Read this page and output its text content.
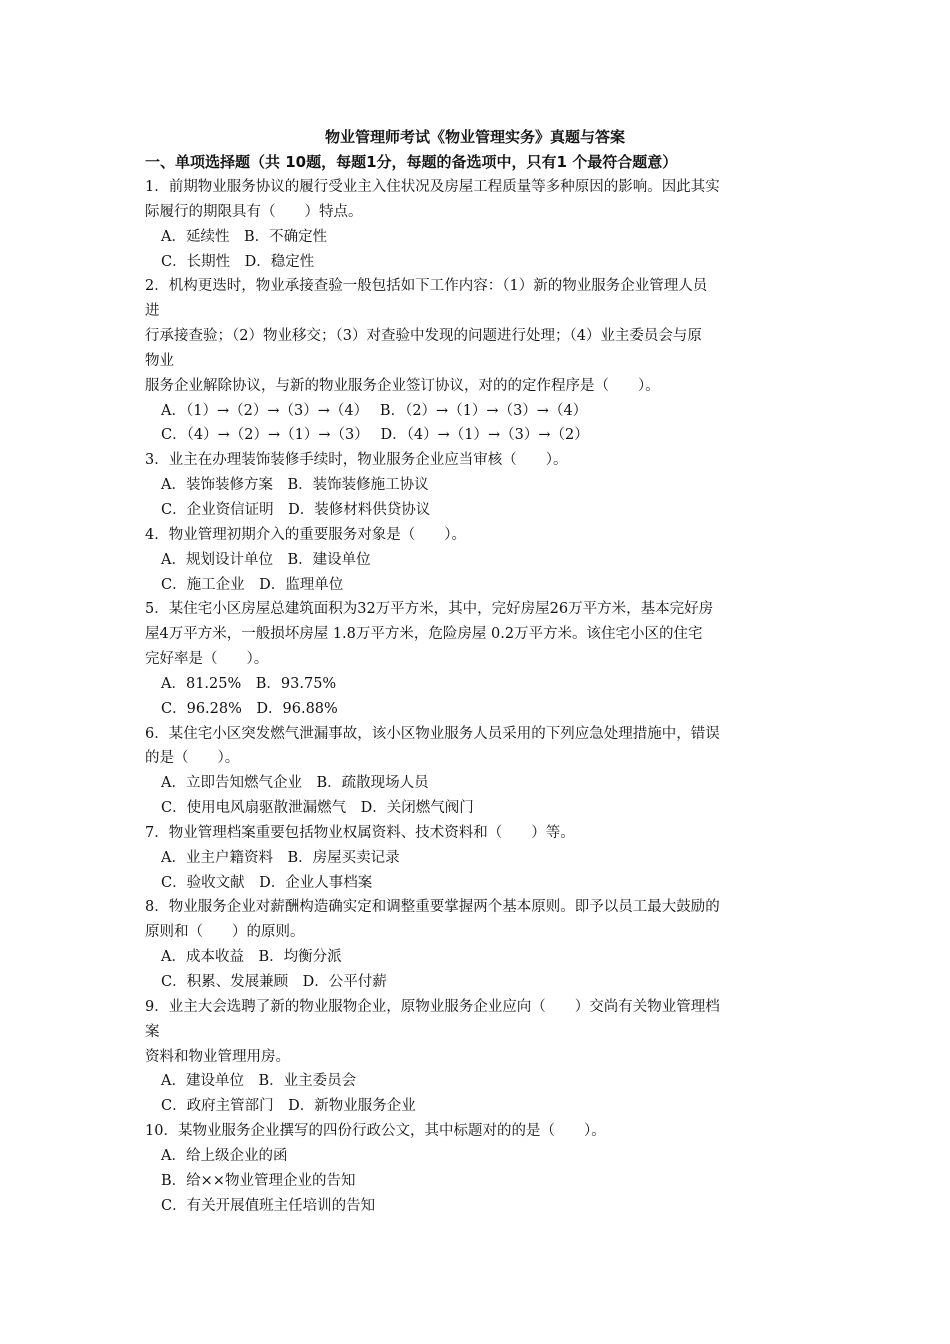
物业管理师考试《物业管理实务》真题与答案
一、单项选择题（共 10题，每题1分，每题的备选项中，只有1 个最符合题意）
1．前期物业服务协议的履行受业主入住状况及房屋工程质量等多种原因的影响。因此其实
际履行的期限具有（　　）特点。
A．延续性　B．不确定性
C．长期性　D．稳定性
2．机构更迭时，物业承接查验一般包括如下工作内容：（1）新的物业服务企业管理人员
进
行承接查验；（2）物业移交；（3）对查验中发现的问题进行处理；（4）业主委员会与原
物业
服务企业解除协议，与新的物业服务企业签订协议，对的的定作程序是（　　）。
A．（1）→（2）→（3）→（4）　 B．（2）→（1）→（3）→（4）
C．（4）→（2）→（1）→（3）　 D．（4）→（1）→（3）→（2）
3．业主在办理装饰装修手续时，物业服务企业应当审核（　　）。
A．装饰装修方案　B．装饰装修施工协议
C．企业资信证明　D．装修材料供贷协议
4．物业管理初期介入的重要服务对象是（　　）。
A．规划设计单位　B．建设单位
C．施工企业　D．监理单位
5．某住宅小区房屋总建筑面积为32万平方米，其中，完好房屋26万平方米，基本完好房
屋4万平方米，一般损坏房屋 1.8万平方米，危险房屋 0.2万平方米。该住宅小区的住宅
完好率是（　　）。
A．81.25%　B．93.75%
C．96.28%　D．96.88%
6．某住宅小区突发燃气泄漏事故，该小区物业服务人员采用的下列应急处理措施中，错误
的是（　　）。
A．立即告知燃气企业　B．疏散现场人员
C．使用电风扇驱散泄漏燃气　D．关闭燃气阀门
7．物业管理档案重要包括物业权属资料、技术资料和（　　）等。
A．业主户籍资料　B．房屋买卖记录
C．验收文献　D．企业人事档案
8．物业服务企业对薪酬构造确实定和调整重要掌握两个基本原则。即予以员工最大鼓励的
原则和（　　）的原则。
A．成本收益　B．均衡分派
C．积累、发展兼顾　D．公平付薪
9．业主大会选聘了新的物业服物企业，原物业服务企业应向（　　）交尚有关物业管理档
案
资料和物业管理用房。
A．建设单位　B．业主委员会
C．政府主管部门　D．新物业服务企业
10．某物业服务企业撰写的四份行政公文，其中标题对的的是（　　）。
A．给上级企业的函
B．给××物业管理企业的告知
C．有关开展值班主任培训的告知
